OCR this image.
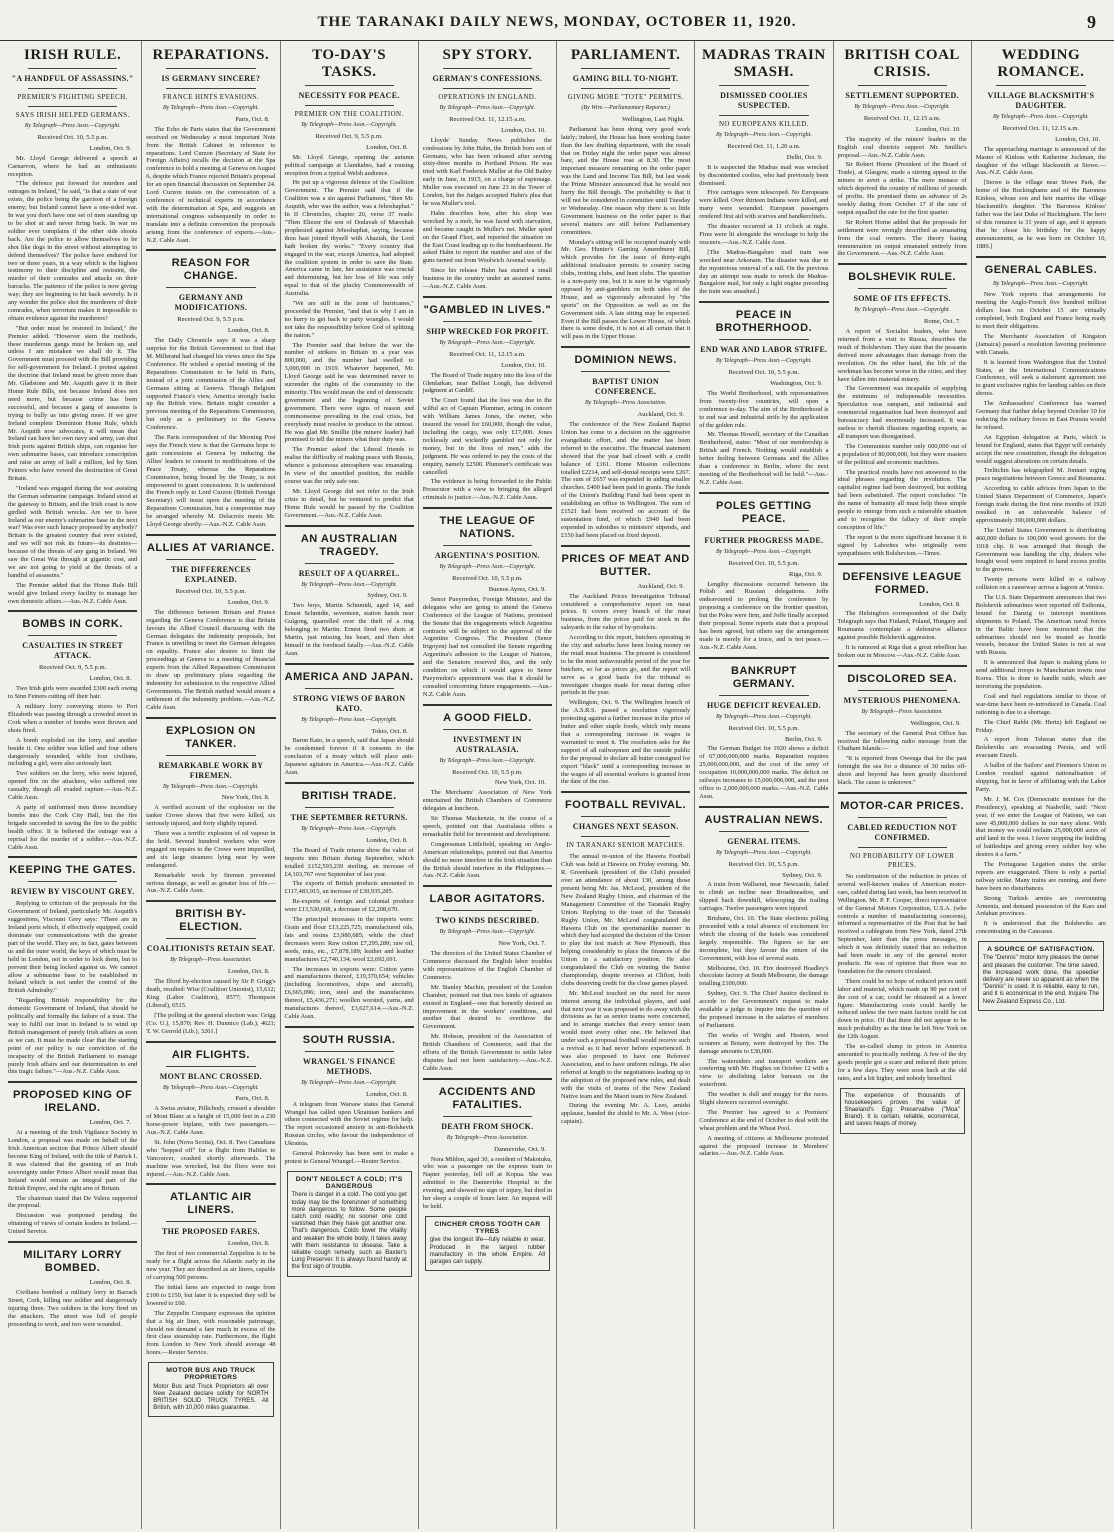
THE TARANAKI DAILY NEWS, MONDAY, OCTOBER 11, 1920.	9
IRISH RULE.
"A HANDFUL OF ASSASSINS."
PREMIER'S FIGHTING SPEECH.
SAYS IRISH HELPED GERMANS.
By Telegraph—Press Assn.—Copyright.
Received Oct. 10, 5.5 p.m.
London, Oct. 9.

Mr. Lloyd George delivered a speech at Carnarvon, where he had an enthusiastic reception.

"The defence put forward for murders and outrages in Ireland," he said, "is that a state of war exists, the police being the garrison of a foreign enemy; but Ireland cannot have a one-sided war. In war you don't have one set of men standing up to be shot at and never firing back. In war no soldier ever complains if the other side shoots back. Are the police to allow themselves to be shot like dogs in the street without attempting to defend themselves? The police have endured for two or three years, in a way which is the highest testimony to their discipline and restraint, the murder of their comrades and attacks on their barracks. The patience of the police is now giving way; they are beginning to hit back severely. Is it any wonder the police shot the murderers of their comrades, when terrorism makes it impossible to obtain evidence against the murderers?

"But order must be restored in Ireland," the Premier added. "However stern the methods, these murderous gangs must be broken up, and unless I am mistaken we shall do it. The Government must proceed with the Bill providing for self-government for Ireland. I protest against the doctrine that Ireland must be given more than Mr. Gladstone and Mr. Asquith gave it in their Home Rule Bills, not because Ireland does not need more, but because crime has been successful, and because a gang of assassins is trying to bully us into giving more. If we give Ireland complete Dominion Home Rule, which Mr. Asquith now advocates, it will mean that Ireland can have her own navy and army, can shut Irish ports against British ships, can organise her own submarine bases, can introduce conscription and raise an army of half a million, led by Sinn Feiners who have vowed the destruction of Great Britain.

"Ireland was engaged during the war assisting the German submarine campaign. Ireland stood at the gateway to Britain, and the Irish coast is now girdled with British wrecks. Are we to have Ireland as our enemy's submarine base in the next war? Was ever such lunacy proposed by anybody? Britain is the greatest country that ever existed, and we will not risk its future—its destinies—because of the threats of any gang in Ireland. We saw the Great War through at gigantic cost, and we are not going to yield at the threats of a handful of assassins."

The Premier added that the Home Rule Bill would give Ireland every facility to manage her own domestic affairs.—Aus.-N.Z. Cable Assn.

BOMBS IN CORK.
CASUALTIES IN STREET ATTACK.
Received Oct. 9, 5.5 p.m.
London, Oct. 8.

Two Irish girls were awarded £300 each owing to Sinn Feiners cutting off their hair.

A military lorry conveying stores to Port Elizabeth was passing through a crowded street in Cork when a number of bombs were thrown and shots fired.

A bomb exploded on the lorry, and another beside it. One soldier was killed and four others dangerously wounded, while four civilians, including a girl, were also seriously hurt.

Two soldiers on the lorry, who were injured, opened fire on the attackers, who suffered one casualty, though all evaded capture.—Aus.-N.Z. Cable Assn.

A party of uniformed men threw incendiary bombs into the Cork City Hall, but the fire brigade succeeded in saving the fire to the public health office. It is believed the outrage was a reprisal for the murder of a soldier.—Aus.-N.Z. Cable Assn.

KEEPING THE GATES.
REVIEW BY VISCOUNT GREY.

Replying to criticism of the proposals for the Government of Ireland, particularly Mr. Asquith's suggestions, Viscount Grey says: "There are in Ireland ports which, if effectively equipped, could dominate our communications with the greater part of the world. They are, in fact, gates between us and the outer world, the keys of which must be held in London, not in order to lock them, but to prevent their being locked against us. We cannot allow a submarine base to be established in Ireland which is not under the control of the British Admiralty."

"Regarding British responsibility for the domestic Government of Ireland, that should be politically and formally the failure of a trust. The way to fulfil our trust in Ireland is to wind up British management of purely Irish affairs as soon as we can. It must be made clear that the starting point of our policy is our conviction of the incapacity of the British Parliament to manage purely Irish affairs and our determination to end this tragic failure."—Aus.-N.Z. Cable Assn.

PROPOSED KING OF IRELAND.
London, Oct. 7.

At a meeting of the Irish Vigilance Society in London, a proposal was made on behalf of the Irish American section that Prince Albert should become King of Ireland, with the title of Patrick I. It was claimed that the granting of an Irish sovereignty under Prince Albert would mean that Ireland would remain an integral part of the British Empire, and the right arm of Britain.

The chairman stated that De Valera supported the proposal.

Discussion was postponed pending the obtaining of views of certain leaders in Ireland.—United Service.

MILITARY LORRY BOMBED.
London, Oct. 8.

Civilians bombed a military lorry in Barrack Street, Cork, killing one soldier and dangerously injuring three. Two soldiers in the lorry fired on the attackers. The street was full of people proceeding to work, and two were wounded.

REPARATIONS.
IS GERMANY SINCERE?
FRANCE HINTS EVASIONS.
By Telegraph—Press Assn.—Copyright.
Paris, Oct. 8.

The Echo de Paris states that the Government received on Wednesday a most important Note from the British Cabinet in reference to reparations. Lord Curzon (Secretary of State for Foreign Affairs) recalls the decision at the Spa conference to hold a meeting at Geneva on August 6, despite which France rejected Britain's proposal for an open financial discussion on September 24. Lord Curzon insists on the convocation of a conference of technical experts in accordance with the determination at Spa, and suggests an international congress subsequently in order to translate into a definite convention the proposals arising from the conference of experts.—Aus.-N.Z. Cable Assn.

REASON FOR CHANGE.
GERMANY AND MODIFICATIONS.
Received Oct. 9, 5.5 p.m.
London, Oct. 8.

The Daily Chronicle says it was a sharp surprise for the British Government to find that M. Millerand had changed his views since the Spa Conference. He wished a special meeting of the Reparations Commission to be held in Paris, instead of a joint commission of the Allies and Germans sitting at Geneva. Though Belgium supported France's view, America strongly backs up the British view. Britain might consider a previous meeting of the Reparations Commission, but only as a preliminary to the Geneva Conference.

The Paris correspondent of the Morning Post says the French view is that the Germans hope to gain concessions at Geneva by inducing the Allies' leaders to consent to modifications of the Peace Treaty, whereas the Reparations Commission, being bound by the Treaty, is not empowered to grant concessions. It is understood the French reply to Lord Curzon (British Foreign Secretary) will insist upon the meeting of the Reparations Commission, but a compromise may be arranged whereby M. Delacroix meets Mr. Lloyd George shortly.—Aus.-N.Z. Cable Assn.

ALLIES AT VARIANCE.
THE DIFFERENCES EXPLAINED.
Received Oct. 10, 5.5 p.m.
London, Oct. 9.

The difference between Britain and France regarding the Geneva Conference is that Britain favours the Allied Council discussing with the German delegates the indemnity proposals, but France is unwilling to meet the German delegates on equality. France also desires to limit the proceedings at Geneva to a meeting of financial experts from the Allied Reparations Commission to draw up preliminary plans regarding the indemnity for submission to the respective Allied Governments. The British method would ensure a settlement of the indemnity problem.—Aus.-N.Z. Cable Assn.

EXPLOSION ON TANKER.
REMARKABLE WORK BY FIREMEN.
By Telegraph—Press Assn.—Copyright.
New York, Oct. 8.

A verified account of the explosion on the tanker Crowe shows that five were killed, six seriously injured, and forty slightly injured.

There was a terrific explosion of oil vapour in the hold. Several hundred workers who were engaged on repairs to the Crowe were imperilled, and six large steamers lying near by were endangered.

Remarkable work by firemen prevented serious damage, as well as greater loss of life.—Aus.-N.Z. Cable Assn.

BRITISH BY-ELECTION.
COALITIONISTS RETAIN SEAT.
By Telegraph—Press Association.
London, Oct. 8.

The Ilford by-election caused by Sir P. Grigg's death, resulted: Wise (Coalition Unionist), 15,612; King (Labor Coalition), 8577; Thompson (Liberal), 6515.

[The polling at the general election was: Grigg (Co. U.), 15,870; Rev. H. Dunnico (Lab.), 4621; T. W. Gerrold (Lib.), 3261.]

AIR FLIGHTS.
MONT BLANC CROSSED.
By Telegraph—Press Assn.—Copyright.
Paris, Oct. 8.

A Swiss aviator, Pillichody, crossed a shoulder of Mont Blanc at a height of 15,600 feet in a 230 horse-power biplane, with two passengers.—Aus.-N.Z. Cable Assn.

St. John (Nova Scotia), Oct. 8. Two Canadians who "hopped off" for a flight from Halifax to Vancouver, crashed shortly afterwards. The machine was wrecked, but the fliers were not injured.—Aus.-N.Z. Cable Assn.

ATLANTIC AIR LINERS.
THE PROPOSED FARES.
London, Oct. 8.

The first of two commercial Zeppelins is to be ready for a flight across the Atlantic early in the new year. They are described as air liners, capable of carrying 500 persons.

The initial fares are expected to range from £100 to £150, but later it is expected they will be lowered to £60.

The Zeppelin Company expresses the opinion that a big air liner, with reasonable patronage, should not demand a fare much in excess of the first class steamship rate. Furthermore, the flight from London to New York should average 48 hours.—Reuter Service.

MOTOR BUS AND TRUCK PROPRIETORS
Motor Bus and Truck Proprietors all over New Zealand declare solidly for NORTH BRITISH SOLID TRUCK TYRES. All British, with 10,000 miles guarantee.
TO-DAY'S TASKS.
NECESSITY FOR PEACE.
PREMIER ON THE COALITION.
By Telegraph—Press Assn.—Copyright.
Received Oct. 9, 5.5 p.m.
London, Oct. 8.

Mr. Lloyd George, opening the autumn political campaign at Llandudno, had a rousing reception from a typical Welsh audience.

He put up a vigorous defence of the Coalition Government. The Premier said that if the Coalition was a sin against Parliament, "then Mr. Asquith, who was the author, was a Jehoshaphat." In II Chronicles, chapter 20, verse 37 reads: "Then Eliezer the son of Dodavah of Mareshah prophesied against Jehoshaphat, saying, because thou hast joined thyself with Ahaziah, the Lord hath broken thy works." "Every country that engaged in the war, except America, had adopted the coalition system in order to save the State. America came in late, her assistance was crucial and determining, but her loss of life was only equal to that of the plucky Commonwealth of Australia.

"We are still in the zone of hurricanes," proceeded the Premier, "and that is why I am in no hurry to get back to party wrangles. I would not take the responsibility before God of splitting the nation."

The Premier said that before the war the number of strikers in Britain in a year was 800,000, and the number had swelled to 3,000,000 in 1919. Whatever happened, Mr. Lloyd George said he was determined never to surrender the rights of the community to the minority. This would mean the end of democratic government and the beginning of Soviet government. There were signs of reason and commonsense prevailing in the coal crisis, but everybody must resolve to produce to the utmost. He was glad Mr. Smillie (the miners' leader) had promised to tell the miners what their duty was.

The Premier asked the Liberal friends to realise the difficulty of making peace with Russia, whence a poisonous atmosphere was emanating. In view of the unsettled position, the middle course was the only safe one.

Mr. Lloyd George did not refer to the Irish crisis in detail, but he ventured to predict that Home Rule would be passed by the Coalition Government.—Aus.-N.Z. Cable Assn.

AN AUSTRALIAN TRAGEDY.
RESULT OF A QUARREL.
By Telegraph—Press Assn.—Copyright.
Sydney, Oct. 9.

Two boys, Martin Schnmidt, aged 14, and Ernest Schmidte, seventeen, station hands near Gulgong, quarrelled over the theft of a ring belonging to Martin. Ernest fired two shots at Martin, just missing his heart, and then shot himself in the forehead fatally.—Aus.-N.Z. Cable Assn.

AMERICA AND JAPAN.
STRONG VIEWS OF BARON KATO.
By Telegraph—Press Assn.—Copyright.
Tokio, Oct. 8.

Baron Kato, in a speech, said that Japan should be condemned forever if it consents to the conclusion of a treaty which will place anti-Japanese agitators in America.—Aus.-N.Z. Cable Assn.

BRITISH TRADE.
THE SEPTEMBER RETURNS.
By Telegraph—Press Assn.—Copyright.
London, Oct. 8.

The Board of Trade returns show the value of imports into Britain during September, which totalled £152,593,239 sterling, an increase of £4,103,767 over September of last year.

The exports of British products amounted to £117,483,915, an increase of £30,935,285.

Re-exports of foreign and colonial produce were £13,530,608, a decrease of £2,208,670.

The principal increases in the imports were: Grain and flour £13,225,725; manufactured oils, fats and resins £3,980,685; while the chief decreases were: Raw cotton £7,295,289; raw oil, seeds, nuts, etc., £7,878,189; leather and leather manufactures £2,740,134; wool £2,692,691.

The increases in exports were: Cotton yarns and manufactures thereof, £19,370,654; vehicles (including locomotives, ships and aircraft), £6,665,096; iron, steel and the manufactures thereof, £5,436,271; woollen worsted, yarns, and manufactures thereof, £3,627,614.—Aus.-N.Z. Cable Assn.

SOUTH RUSSIA.
WRANGEL'S FINANCE METHODS.
By Telegraph—Press Assn.—Copyright.
London, Oct. 8.

A telegram from Warsaw states that General Wrangel has called upon Ukrainian bankers and others connected with the Soviet regime for help. The report occasioned anxiety in anti-Bolshevik Russian circles, who favour the independence of Ukrainia.

General Pokrovsky has been sent to make a protest to General Wrangel.—Reuter Service.

DON'T NEGLECT A COLD; IT'S DANGEROUS
There is danger in a cold. The cold you get today may be the forerunner of something more dangerous to follow. Some people catch cold readily; no sooner one cold vanished than they have got another one. That's dangerous. Colds lower the vitality and weaken the whole body, it takes away with them resistance to disease. Take a reliable cough remedy, such as Baxter's Lung Preserver. It is always found handy at the first sign of trouble.
SPY STORY.
GERMAN'S CONFESSIONS.
OPERATIONS IN ENGLAND.
By Telegraph—Press Assn.—Copyright.
Received Oct. 11, 12.15 a.m.
London, Oct. 10.

Lloyds' Sunday News publishes the confessions by John Hahn, the British born son of Germans, who has been released after serving sixty-three months in Portland Prison. He was tried with Karl Frederick Muller at the Old Bailey early in June, in 1915, on a charge of espionage. Muller was executed on June 23 in the Tower of London, but the Judges accepted Hahn's plea that he was Muller's tool.

Hahn describes how, after his shop was wrecked by a mob, he was faced with starvation, and became caught in Muller's net. Muller spied on the Grand Fleet, and reported the situation on the East Coast leading up to the bombardment. He asked Hahn to report the number and size of the guns turned out from Woolwich Arsenal weekly.

Since his release Hahn has started a small business in the country under an assumed name.—Aus.-N.Z. Cable Assn.

"GAMBLED IN LIVES."
SHIP WRECKED FOR PROFIT.
By Telegraph—Press Assn.—Copyright.
Received Oct. 11, 12.15 a.m.
London, Oct. 10.

The Board of Trade inquiry into the loss of the Glenlarkan, near Belfast Lough, has delivered judgment at Cardiff.

The Court found that the loss was due to the wilful act of Captain Plummer, acting in concert with William James Jones, the owner, who insured the vessel for £60,000, though the value, including the cargo, was only £17,000. Jones recklessly and wickedly gambled not only for money, but in the lives of men," adds the judgment. He was ordered to pay the costs of the enquiry, namely £2500. Plummer's certificate was cancelled.

The evidence is being forwarded to the Public Prosecutor with a view to bringing the alleged criminals to justice.—Aus.-N.Z. Cable Assn.

THE LEAGUE OF NATIONS.
ARGENTINA'S POSITION.
By Telegraph—Press Assn.—Copyright.
Received Oct. 10, 5.5 p.m.
Buenos Ayres, Oct. 9.

Senor Pueyrredon, Foreign Minister, and the delegates who are going to attend the Geneva Conference of the League of Nations, promised the Senate that the engagements which Argentina contracts will be subject to the approval of the Argentine Congress. The President (Senor Irigoyen) had not consulted the Senate regarding Argentina's adhesion to the League of Nations, and the Senators reserved this, and the only condition on which it would agree to Senor Pueyrredon's appointment was that it should be consulted concerning future engagements.—Aus.-N.Z. Cable Assn.

A GOOD FIELD.
INVESTMENT IN AUSTRALASIA.
By Telegraph—Press Assn.—Copyright.
Received Oct. 10, 5.5 p.m.
New York, Oct. 10.

The Merchants' Association of New York entertained the British Chambers of Commerce delegates at luncheon.

Sir Thomas Mackenzie, in the course of a speech, pointed out that Australasia offers a remarkable field for investment and development.

Congressman Littlefield, speaking on Anglo-American relationships, pointed out that America should no more interfere in the Irish situation than the British should interfere in the Philippines.—Aus.-N.Z. Cable Assn.

LABOR AGITATORS.
TWO KINDS DESCRIBED.
By Telegraph—Press Assn.—Copyright.
New York, Oct. 7.

The directors of the United States Chamber of Commerce discussed the English labor troubles with representatives of the English Chamber of Commerce.

Mr. Stanley Machin, president of the London Chamber, pointed out that two kinds of agitators existed in England—one that honestly desired an improvement in the workers' conditions, and another that desired to overthrow the Government.

Mr. Hobson, president of the Association of British Chambers of Commerce, said that the efforts of the British Government to settle labor disputes had not been satisfactory.—Aus.-N.Z. Cable Assn.

ACCIDENTS AND FATALITIES.
DEATH FROM SHOCK.
By Telegraph—Press Association.
Dannevirke, Oct. 9.

Nora Mildon, aged 30, a resident of Makotuku, who was a passenger on the express train to Napier yesterday, fell off at Kopua. She was admitted to the Dannevirke Hospital in the evening, and showed no sign of injury, but died in her sleep a couple of hours later. An inquest will be held.

CINCHER CROSS TOOTH CAR TYRES
give the longest life—fully reliable in wear. Produced in the largest rubber manufactory in the whole Empire. All garages can supply.
PARLIAMENT.
GAMING BILL TO-NIGHT.
GIVING MORE "TOTE" PERMITS.
(By Wire.—Parliamentary Reporter.)
Wellington, Last Night.

Parliament has been doing very good work lately; indeed, the House has been working faster than the law drafting department, with the result that on Friday night the order paper was almost bare, and the House rose at 8.30. The most important measure remaining on the order paper was the Land and Income Tax Bill, but last week the Prime Minister announced that he would not hurry the Bill through. The probability is that it will not be considered in committee until Tuesday or Wednesday. One reason why there is so little Government business on the order paper is that several matters are still before Parliamentary committees.

Monday's sitting will be occupied mainly with Mr. Geo. Hunter's Gaming Amendment Bill, which provides for the issue of thirty-eight additional totalisator permits to country racing clubs, trotting clubs, and hunt clubs. The question is a non-party one, but it is sure to be vigorously opposed by anti-gamblers on both sides of the House, and as vigorously advocated by "the sports" on the Opposition as well as on the Government side. A late sitting may be expected. Even if the Bill passes the Lower House, of which there is some doubt, it is not at all certain that it will pass in the Upper House.

DOMINION NEWS.
BAPTIST UNION CONFERENCE.
By Telegraph—Press Association.
Auckland, Oct. 9.

The conference of the New Zealand Baptist Union has come to a decision on the aggressive evangelistic effort, and the matter has been referred to the executive. The financial statement showed that the year had closed with a credit balance of £161. Home Mission collections totalled £2214, and self-denial receipts were £267. The sum of £657 was expended in aiding smaller churches. £400 had been paid in grants. The funds of the Union's Building Fund had been spent in establishing an office in Wellington. The sum of £1521 had been received on account of the sustentation fund, of which £940 had been expended in subsidies to ministers' stipends, and £150 had been placed on fixed deposit.

PRICES OF MEAT AND BUTTER.
Auckland, Oct. 9.

The Auckland Prices Investigation Tribunal considered a comprehensive report on meat prices. It covers every branch of the meat business, from the prices paid for stock in the saleyards to the value of by-products.

According to this report, butchers operating in the city and suburbs have been losing money on the retail meat business. The present is considered to be the most unfavourable period of the year for butchers, so far as prices go, and the report will serve as a good basis for the tribunal to investigate charges made for meat during other periods in the year.

Wellington, Oct. 9. The Wellington branch of the A.S.R.S. passed a resolution vigorously protesting against a further increase in the price of butter and other staple foods, which only means that a corresponding increase in wages is warranted to meet it. The resolution asks for the support of all railwaymen and the outside public for the proposal to declare all butter consigned for export "black" until a corresponding increase in the wages of all essential workers is granted from the date of the rise.

FOOTBALL REVIVAL.
CHANGES NEXT SEASON.
IN TARANAKI SENIOR MATCHES.

The annual re-union of the Hawera Football Club was held at Hawera on Friday evening. Mr. R. Greenbank (president of the Club) presided over an attendance of about 130, among those present being Mr. Jas. McLeod, president of the New Zealand Rugby Union, and chairman of the Management Committee of the Taranaki Rugby Union. Replying to the toast of the Taranaki Rugby Union, Mr. McLeod congratulated the Hawera Club on the sportsmanlike manner in which they had accepted the decision of the Union to play the test match at New Plymouth, thus helping considerably to place the finances of the Union in a satisfactory position. He also congratulated the Club on winning the Senior championship, despite reverses at Clifton, both clubs deserving credit for the close games played.

Mr. McLeod touched on the need for more interest among the individual players, and said that next year it was proposed to do away with the divisions as far as senior teams were concerned, and to arrange matches that every senior team would meet every other one. He believed that under such a proposal football would receive such a revival as it had never before experienced. It was also proposed to have one Referees' Association, and to have uniform rulings. He also referred at length to the negotiations leading up to the adoption of the proposed new rules, and dealt with the visits of teams of the New Zealand Native team and the Maori team to New Zealand.

During the evening Mr. A. Lees, amidst applause, handed the shield to Mr. A. West (vice-captain).

MADRAS TRAIN SMASH.
DISMISSED COOLIES SUSPECTED.
NO EUROPEANS KILLED.
By Telegraph—Press Assn.—Copyright.
Received Oct. 11, 1.20 a.m.
Delhi, Oct. 9.

It is suspected the Madras mail was wrecked by discontented coolies, who had previously been dismissed.

Five carriages were telescoped. No Europeans were killed. Over thirteen Indians were killed, and many were wounded. European passengers rendered first aid with scarves and handkerchiefs.

The disaster occurred at 11 o'clock at night. Fires were lit alongside the wreckage to help the rescuers.—Aus.-N.Z. Cable Assn.

[The Madras-Bangalore mail train was wrecked near Arkonam. The disaster was due to the mysterious removal of a rail. On the previous day an attempt was made to wreck the Madras-Bangalore mail, but only a light engine preceding the train was smashed.]

PEACE IN BROTHERHOOD.
END WAR AND LABOR STRIFE.
By Telegraph—Press Assn.—Copyright.
Received Oct. 10, 5.5 p.m.
Washington, Oct. 9.

The World Brotherhood, with representatives from twenty-five countries, will open a conference to-day. The aim of the Brotherhood is to end war and industrial strife by the application of the golden rule.

Mr. Thomas Howell, secretary of the Canadian Brotherhood, states: "Most of our membership is British and French. Nothing would establish a better feeling between Germans and the Allies than a conference in Berlin, where the next meeting of the Brotherhood will be held."—Aus.-N.Z. Cable Assn.

POLES GETTING PEACE.
FURTHER PROGRESS MADE.
By Telegraph—Press Assn.—Copyright.
Received Oct. 10, 5.5 p.m.
Riga, Oct. 9.

Lengthy discussions occurred between the Polish and Russian delegations. Joffe endeavoured to prolong the conference by proposing a conference on the frontier question, but the Poles were firm, and Joffe finally accepted their proposal. Some reports state that a proposal has been agreed, but others say the arrangement made is merely for a truce, and is not peace.—Aus.-N.Z. Cable Assn.

BANKRUPT GERMANY.
HUGE DEFICIT REVEALED.
By Telegraph—Press Assn.—Copyright.
Received Oct. 10, 5.5 p.m.
Berlin, Oct. 9.

The German Budget for 1920 shows a deficit of 67,000,000,000 marks. Reparation requires 25,000,000,000, and the cost of the army of occupation 10,000,000,000 marks. The deficit on railways increases to 15,000,000,000, and the post office to 2,000,000,000 marks.—Aus.-N.Z. Cable Assn.

AUSTRALIAN NEWS.
GENERAL ITEMS.
By Telegraph—Press Assn.—Copyright.
Received Oct. 10, 5.5 p.m.
Sydney, Oct. 9.

A train from Wallsend, near Newcastle, failed to climb an incline near Broadmeadow, and slipped back downhill, telescoping the trailing carriages. Twelve passengers were injured.

Brisbane, Oct. 10. The State elections polling proceeded with a total absence of excitement for which the closing of the hotels was considered largely responsible. The figures so far are incomplete, but they favour the return of the Government, with loss of several seats.

Melbourne, Oct. 10. Fire destroyed Hoadley's chocolate factory at South Melbourne, the damage totalling £100,000.

Sydney, Oct. 9. The Chief Justice declined to accede to the Government's request to make available a judge to inquire into the question of the proposed increase in the salaries of members of Parliament.

The works of Wright and Heaton, wool scourers at Botany, were destroyed by fire. The damage amounts to £30,000.

The watersiders and transport workers are conferring with Mr. Hughes on October 12 with a view to abolishing labor bureaux on the waterfront.

The weather is dull and muggy for the races. Slight showers occurred overnight.

The Premier has agreed to a Premiers' Conference at the end of October to deal with the wheat problem and the Wheat Pool.

A meeting of citizens at Melbourne protested against the proposed increase in Members' salaries.—Aus.-N.Z. Cable Assn.

BRITISH COAL CRISIS.
SETTLEMENT SUPPORTED.
By Telegraph—Press Assn.—Copyright.
Received Oct. 11, 12.15 a.m.
London, Oct. 10.

The majority of the miners' leaders in the English coal districts support Mr. Smillie's proposal.—Aus.-N.Z. Cable Assn.

Sir Robert Horne (President of the Board of Trade), at Glasgow, made a stirring appeal to the miners to avert a strike. The mere menace of which deprived the country of millions of pounds of profits. He promised them an advance of 2s weekly dating from October 17 if the rate of output equalled the rate for the first quarter.

Sir Robert Horne added that the proposals for settlement were wrongly described as emanating from the coal owners. The theory basing remuneration on output emanated entirely from the Government.—Aus.-N.Z. Cable Assn.

BOLSHEVIK RULE.
SOME OF ITS EFFECTS.
By Telegraph—Press Assn.—Copyright.
Rome, Oct. 7.

A report of Socialist leaders, who have returned from a visit to Russia, describes the result of Bolshevism. They state that the peasants derived more advantages than damage from the revolution. On the other hand, the life of the workman has become worse in the cities, and they have fallen into material misery.

The Government was incapable of supplying the minimum of indispensable necessities. Speculation was rampant, and industrial and commercial organisation had been destroyed and bureaucracy had enormously increased. It was useless to cherish illusions regarding exports, as all transport was disorganised.

The Communists number only 600,000 out of a population of 80,000,000, but they were masters of the political and economic machines.

The practical results have not answered to the ideal phrases regarding the revolution. The capitalist regime had been destroyed, but nothing had been substituted. The report concludes: "In the name of humanity all must help these simple people to emerge from such a miserable situation and to recognise the fallacy of their simple conception of life."

The report is the more significant because it is signed by Laborites who originally were sympathisers with Bolshevism.—Times.

DEFENSIVE LEAGUE FORMED.
London, Oct. 8.

The Helsingfors correspondent of the Daily Telegraph says that Finland, Poland, Hungary and Roumania contemplate a defensive alliance against possible Bolshevik aggression.

It is rumored at Riga that a great rebellion has broken out in Moscow.—Aus.-N.Z. Cable Assn.

DISCOLORED SEA.
MYSTERIOUS PHENOMENA.
By Telegraph—Press Association.
Wellington, Oct. 9.

The secretary of the General Post Office has received the following radio message from the Chatham Islands:—

"It is reported from Owenga that for the past fortnight the sea for a distance of 30 miles off-shore and beyond has been greatly discolored black. The cause is unknown."

MOTOR-CAR PRICES.
CABLED REDUCTION NOT CONFIRMED.
NO PROBABILITY OF LOWER PRICES.

No confirmation of the reduction in prices of several well-known makes of American motor-cars, cabled during last week, has been received in Wellington. Mr. P. F. Cooper, direct representative of the General Motors Corporation, U.S.A. (who controls a number of manufacturing concerns), informed a representative of the Post that he had received a cablegram from New York, dated 27th September, later than the press messages, in which it was definitely stated that no reduction had been made in any of the general motor products. He was of opinion that there was no foundation for the rumors circulated.

There could be no hope of reduced prices until labor and material, which made up 90 per cent of the cost of a car, could be obtained at a lower figure. Manufacturing costs could hardly be reduced unless the two main factors could be cut down in price. Of that there did not appear to be much probability as the time he left New York on the 12th August.

The so-called slump in prices in America amounted to practically nothing. A few of the dry goods people got a scare and reduced their prices for a few days. They were soon back at the old rates, and a bit higher, and nobody benefited.

The experience of thousands of housekeepers proves the value of Shaeland's Egg Preservative ("Moa" Brand). It is certain, reliable, economical, and saves heaps of money.
WEDDING ROMANCE.
VILLAGE BLACKSMITH'S DAUGHTER.
By Telegraph—Press Assn.—Copyright.
Received Oct. 11, 12.15 a.m.
London, Oct. 10.

The approaching marriage is announced of the Master of Kinloss with Katherine Jockman, the daughter of the village blacksmith at Stowe.—Aus.-N.Z. Cable Assn.

[Stowe is the village near Stowe Park, the home of the Buckinghams and of the Baroness Kinloss, whose son and heir marries the village blacksmith's daughter. The Baroness Kinloss' father was the last Duke of Buckingham. The hero of this romance is 31 years of age, and it appears that he chose his birthday for the happy announcement, as he was born on October 10, 1889.]

GENERAL CABLES.
By Telegraph—Press Assn.—Copyright.

New York reports that arrangements for meeting the Anglo-French five hundred million dollars loan on October 15 are virtually completed, both England and France being ready to meet their obligations.

The Merchants' Association of Kingston (Jamaica) passed a resolution favoring preference with Canada.

It is learned from Washington that the United States, at the International Communications Conference, will seek a stalement agreement not to grant exclusive rights for landing cables on their shores.

The Ambassadors' Conference has warned Germany that further delay beyond October 10 for reducing the military forces in East Prussia would be refused.

An Egyptian delegation at Paris, which is bound for England, states that Egypt will certainly accept the new constitution, though the delegation would suggest alterations on certain details.

Trelitchin has telegraphed M. Jonnart urging peace negotiations between Greece and Roumania.

According to cable advices from Japan to the United States Department of Commerce, Japan's foreign trade during the first nine months of 1920 resulted in an unfavorable balance of approximately 390,000,000 dollars.

The United States Government is distributing 460,000 dollars to 100,000 wool growers for the 1918 clip. It was arranged that though the Government was handling the clip, dealers who bought wool were required to hand excess profits to the growers.

Twenty persons were killed in a railway collision on a causeway across a lagoon at Venice.

The U.S. State Department announces that two Bolshevik submarines were reported off Esthonia, bound for Danzig to intercept munitions shipments to Poland. The American naval forces in the Baltic have been instructed that the submarines should not be treated as hostile vessels, because the United States is not at war with Russia.

It is announced that Japan is making plans to send additional troops to Manchurian towns near Korea. This is done to handle raids, which are terrorising the population.

Coal and fuel regulations similar to those of war-time have been re-introduced in Canada. Coal rationing is due to a shortage.

The Chief Rabbi (Mr. Hertz) left England on Friday.

A report from Teheran states that the Bolsheviks are evacuating Persia, and will evacuate Enzeli.

A ballot of the Sailors' and Firemen's Union in London resulted against nationalisation of shipping, but in favor of affiliating with the Labor Party.

Mr. J. M. Cox (Democratic nominee for the Presidency), speaking at Nashville, said: "Next year, if we enter the League of Nations, we can save 45,000,000 dollars in our navy alone. With that money we could reclaim 25,000,000 acres of arid land in the west. I favor stopping the building of battleships and giving every soldier boy who desires it a farm."

The Portuguese Legation states the strike reports are exaggerated. There is only a partial railway strike. Many trains are running, and there have been no disturbances.

Strong Turkish armies are overrunning Armenia, and demand possession of the Kars and Ardahan provinces.

It is understood that the Bolsheviks are concentrating in the Caucasus.

A SOURCE OF SATISFACTION.
The "Dennis" motor lorry pleases the owner and pleases the customer. The time saved, the increased work done, the speedier delivery are never so apparent as when the "Dennis" is used. It is reliable, easy to run, and it is economical in the end. Inquire The New Zealand Express Co., Ltd.
